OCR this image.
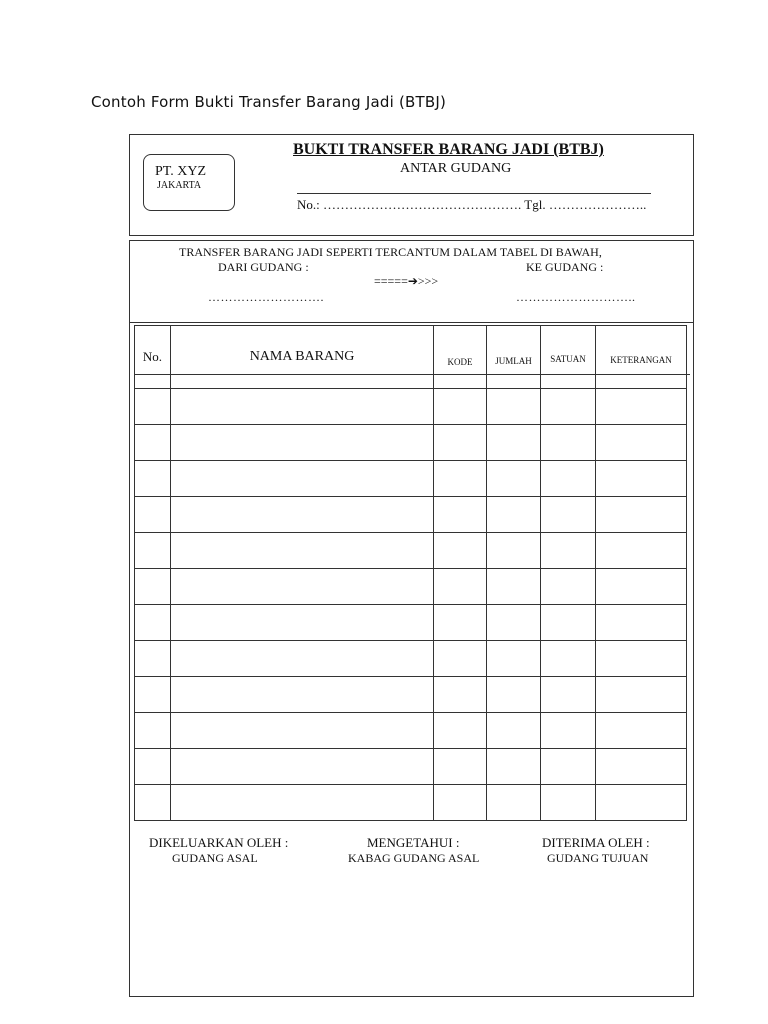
Contoh Form Bukti Transfer Barang Jadi (BTBJ)
PT. XYZ
JAKARTA
BUKTI TRANSFER BARANG JADI (BTBJ)
ANTAR GUDANG
No.: ………………………………………. Tgl. …………………..
TRANSFER BARANG JADI SEPERTI TERCANTUM DALAM TABEL DI BAWAH,
DARI GUDANG :	KE GUDANG :
=====➔>>>
……………………….	………………………..
No.	NAMA BARANG	KODE	JUMLAH	SATUAN	KETERANGAN

DIKELUARKAN OLEH :
GUDANG ASAL
MENGETAHUI :
KABAG GUDANG ASAL
DITERIMA OLEH :
GUDANG TUJUAN
